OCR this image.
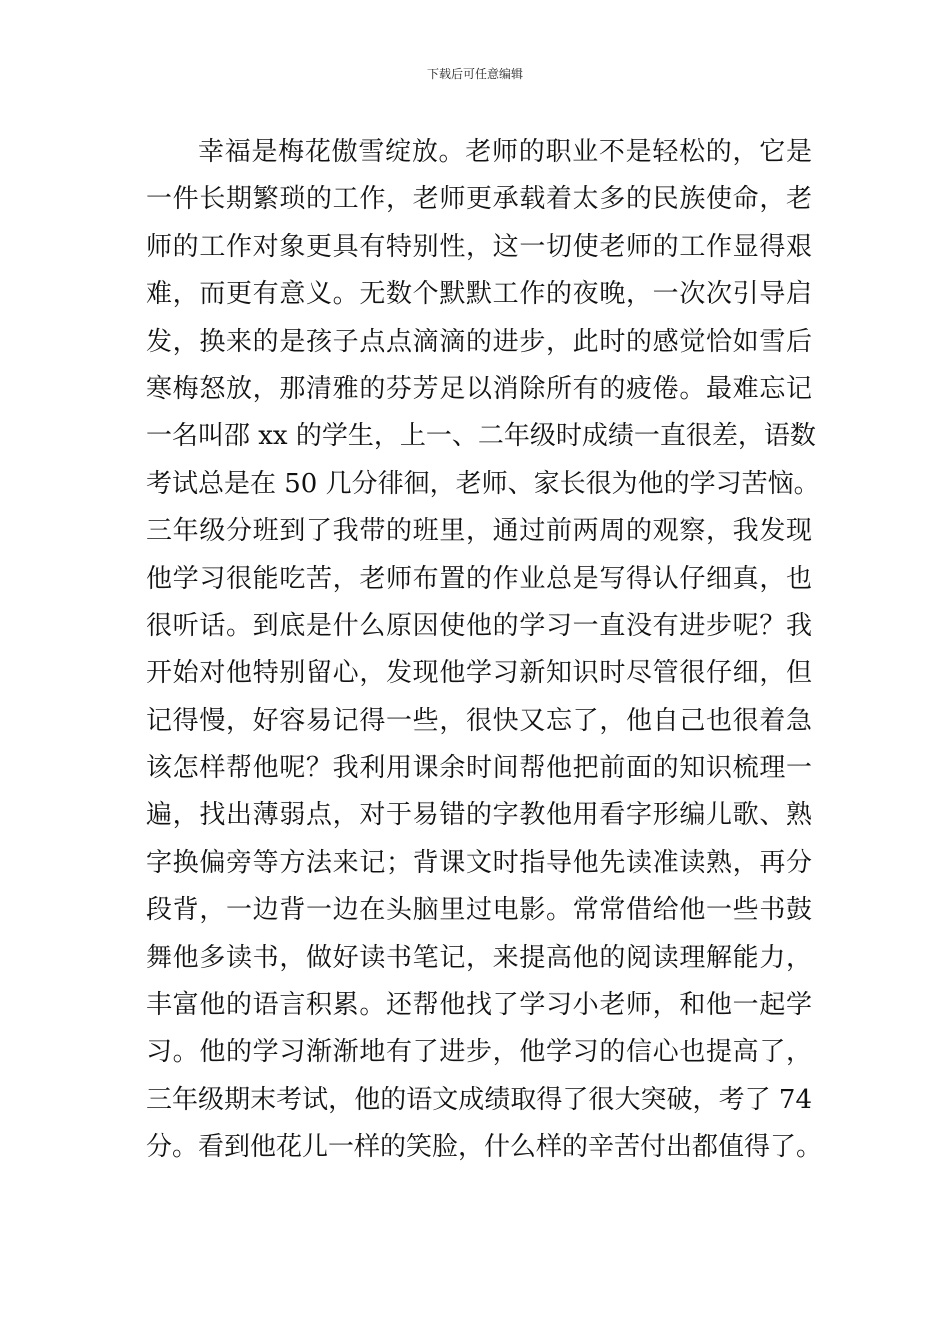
下载后可任意编辑
幸福是梅花傲雪绽放。老师的职业不是轻松的，它是
一件长期繁琐的工作，老师更承载着太多的民族使命，老
师的工作对象更具有特别性，这一切使老师的工作显得艰
难，而更有意义。无数个默默工作的夜晚，一次次引导启
发，换来的是孩子点点滴滴的进步，此时的感觉恰如雪后
寒梅怒放，那清雅的芬芳足以消除所有的疲倦。最难忘记
一名叫邵 xx 的学生，上一、二年级时成绩一直很差，语数
考试总是在 50 几分徘徊，老师、家长很为他的学习苦恼。
三年级分班到了我带的班里，通过前两周的观察，我发现
他学习很能吃苦，老师布置的作业总是写得认仔细真，也
很听话。到底是什么原因使他的学习一直没有进步呢？我
开始对他特别留心，发现他学习新知识时尽管很仔细，但
记得慢，好容易记得一些，很快又忘了，他自己也很着急
该怎样帮他呢？我利用课余时间帮他把前面的知识梳理一
遍，找出薄弱点，对于易错的字教他用看字形编儿歌、熟
字换偏旁等方法来记；背课文时指导他先读准读熟，再分
段背，一边背一边在头脑里过电影。常常借给他一些书鼓
舞他多读书，做好读书笔记，来提高他的阅读理解能力，
丰富他的语言积累。还帮他找了学习小老师，和他一起学
习。他的学习渐渐地有了进步，他学习的信心也提高了，
三年级期末考试，他的语文成绩取得了很大突破，考了 74
分。看到他花儿一样的笑脸，什么样的辛苦付出都值得了。
